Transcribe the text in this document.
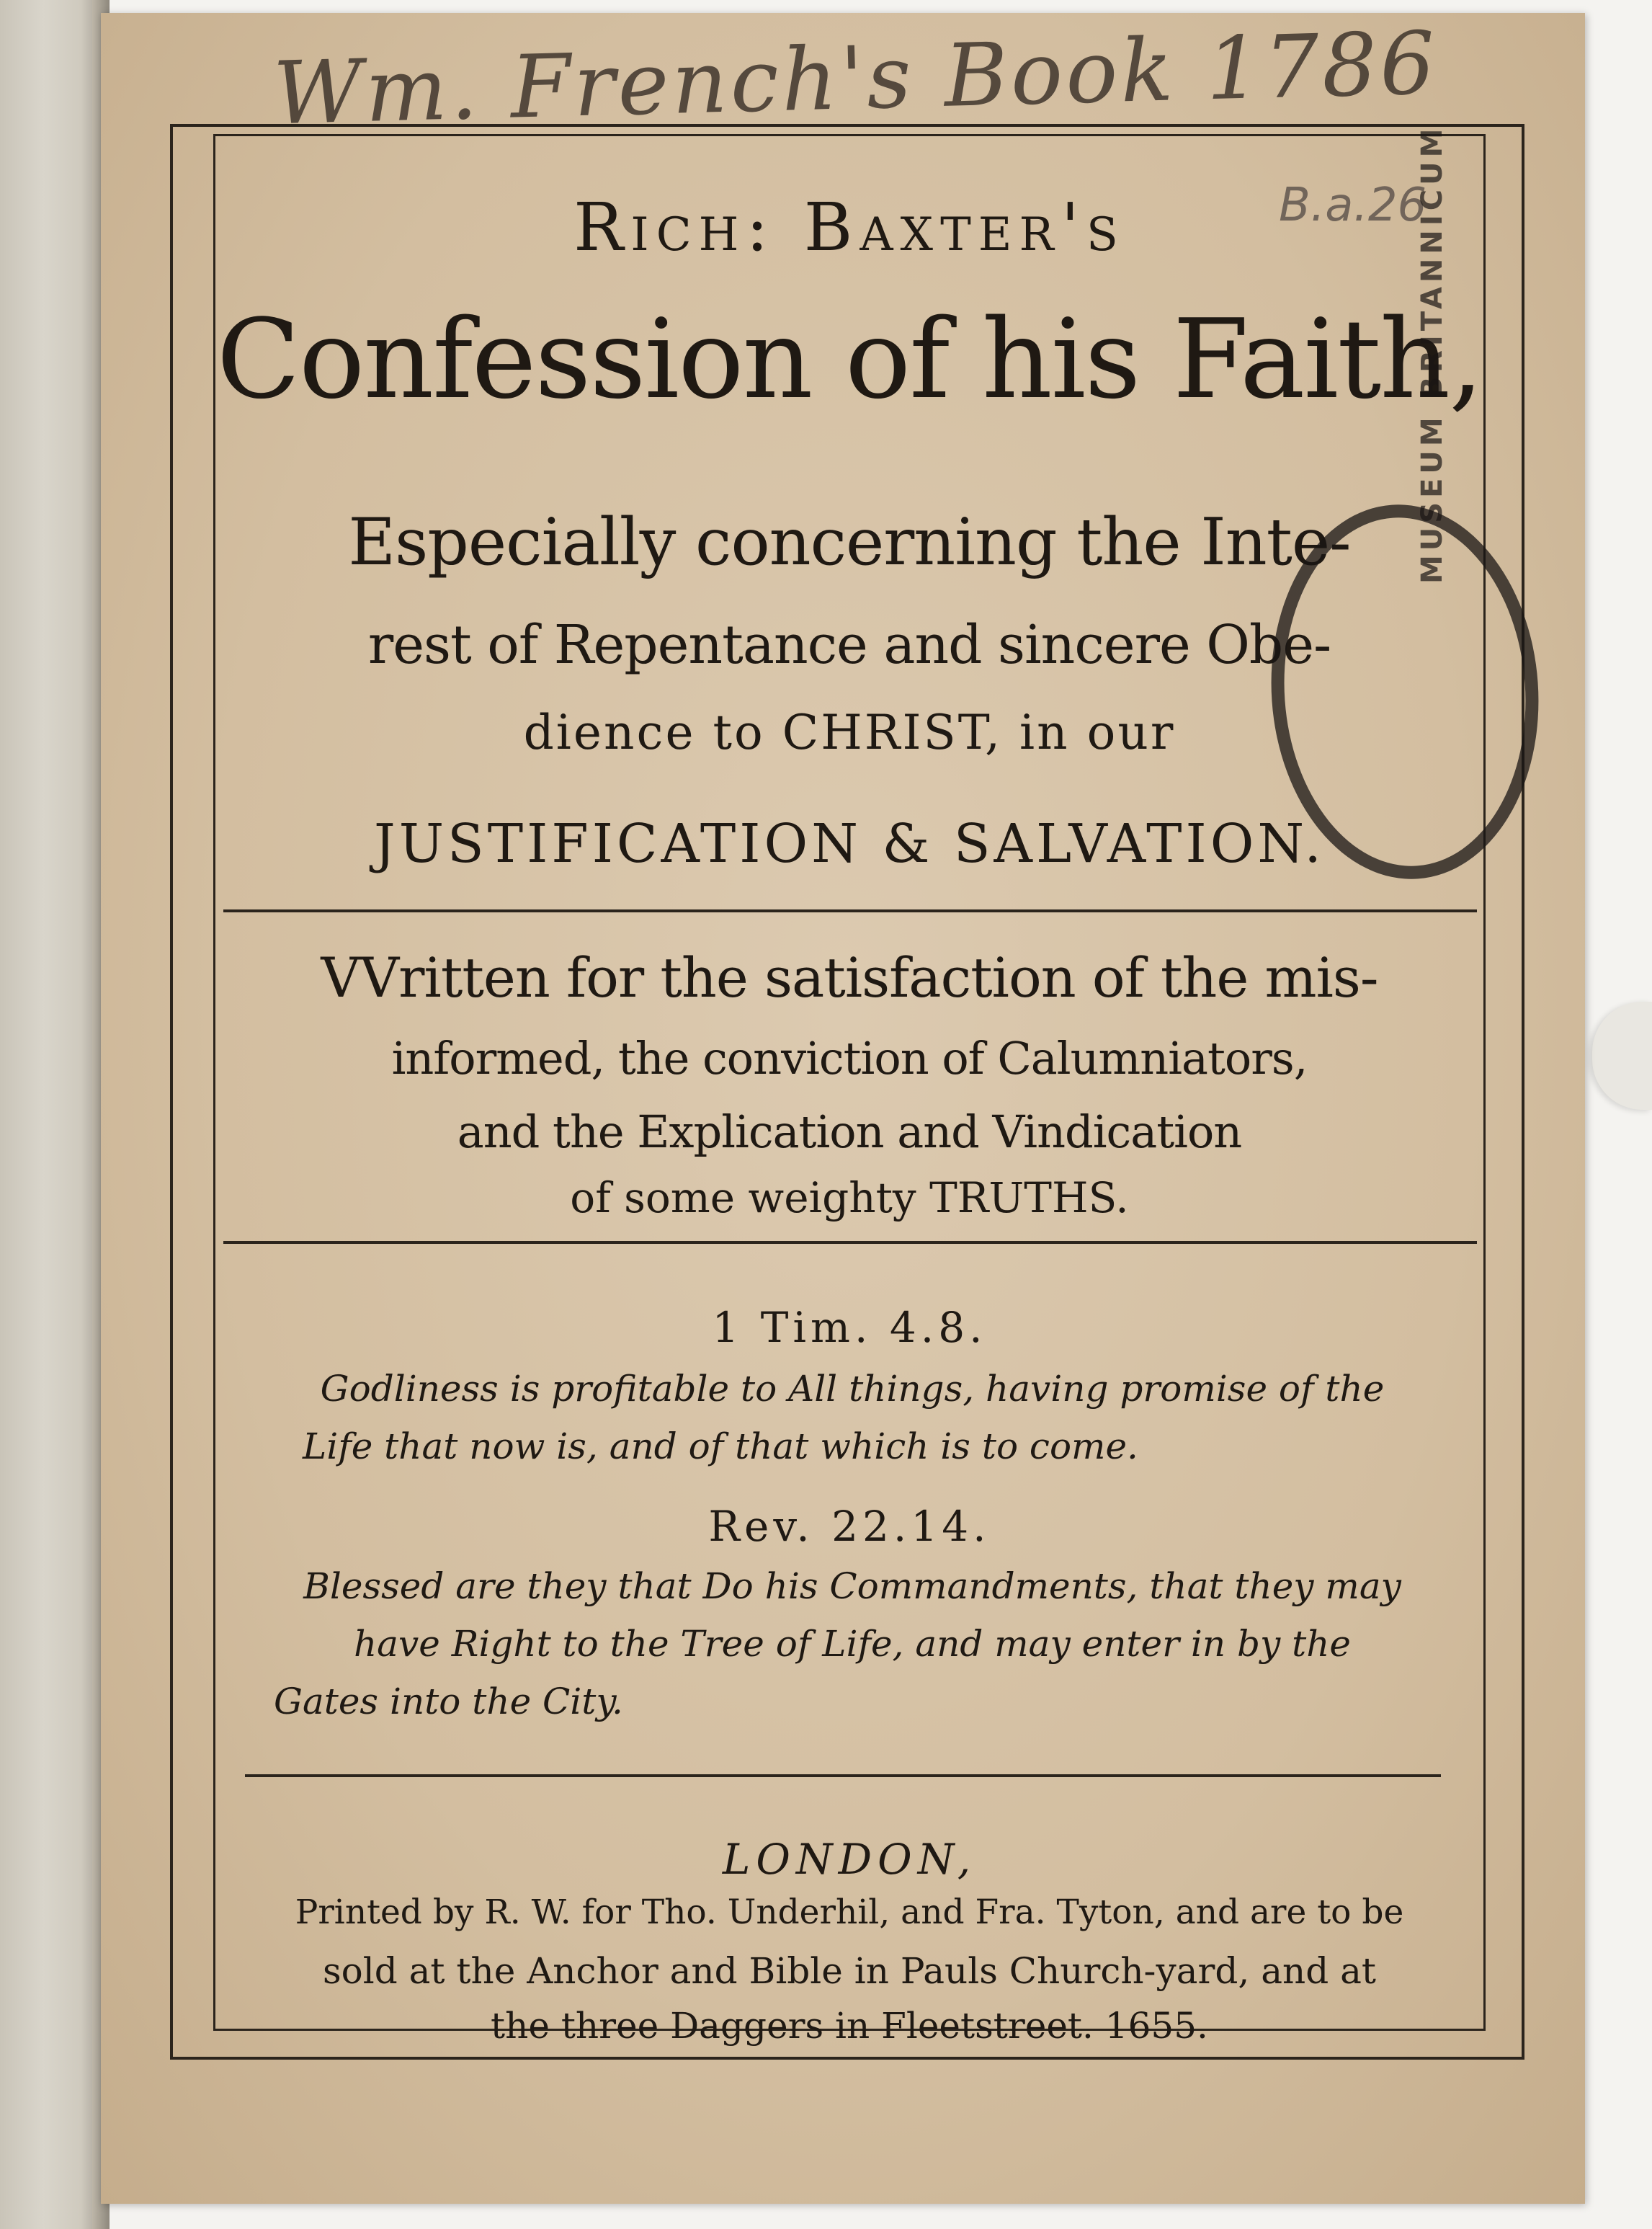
Wm. French's Book 1786
B.a.26
Rich: Baxter's
Confession of his Faith,
Especially concerning the Inte-
rest of Repentance and sincere Obe-
dience to CHRIST, in our
JUSTIFICATION & SALVATION.
VVritten for the satisfaction of the mis-
informed, the conviction of Calumniators,
and the Explication and Vindication
of some weighty TRUTHS.
1 Tim. 4.8.
Godliness is profitable to All things, having promise of the
Life that now is, and of that which is to come.
Rev. 22.14.
Blessed are they that Do his Commandments, that they may
have Right to the Tree of Life, and may enter in by the
Gates into the City.
LONDON,
Printed by R. W. for Tho. Underhil, and Fra. Tyton, and are to be
sold at the Anchor and Bible in Pauls Church-yard, and at
the three Daggers in Fleetstreet. 1655.
MUSEUM BRITANNICUM
